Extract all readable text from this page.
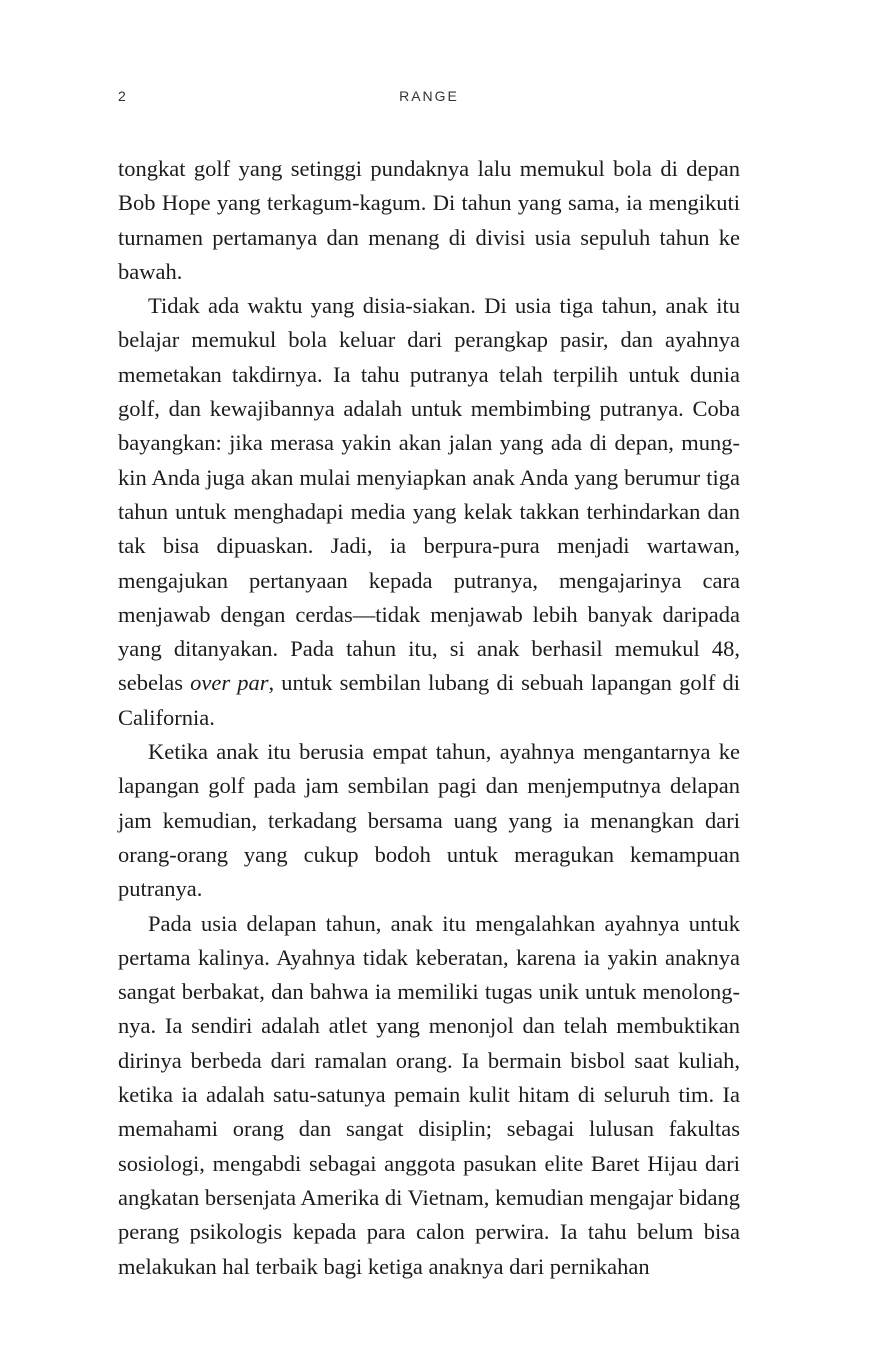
2	RANGE

tongkat golf yang setinggi pundaknya lalu memukul bola di depan Bob Hope yang terkagum-kagum. Di tahun yang sama, ia mengikuti turnamen pertamanya dan menang di divisi usia sepuluh tahun ke bawah.

Tidak ada waktu yang disia-siakan. Di usia tiga tahun, anak itu belajar memukul bola keluar dari perangkap pasir, dan ayahnya memetakan takdirnya. Ia tahu putranya telah terpilih untuk dunia golf, dan kewajibannya adalah untuk membimbing putranya. Coba bayangkan: jika merasa yakin akan jalan yang ada di depan, mungkin Anda juga akan mulai menyiapkan anak Anda yang berumur tiga tahun untuk menghadapi media yang kelak takkan terhindarkan dan tak bisa dipuaskan. Jadi, ia berpura-pura menjadi wartawan, mengajukan pertanyaan kepada putranya, mengajarinya cara menjawab dengan cerdas—tidak menjawab lebih banyak daripada yang ditanyakan. Pada tahun itu, si anak berhasil memukul 48, sebelas over par, untuk sembilan lubang di sebuah lapangan golf di California.

Ketika anak itu berusia empat tahun, ayahnya mengantarnya ke lapangan golf pada jam sembilan pagi dan menjemputnya delapan jam kemudian, terkadang bersama uang yang ia menangkan dari orang-orang yang cukup bodoh untuk meragukan kemampuan putranya.

Pada usia delapan tahun, anak itu mengalahkan ayahnya untuk pertama kalinya. Ayahnya tidak keberatan, karena ia yakin anaknya sangat berbakat, dan bahwa ia memiliki tugas unik untuk menolongnya. Ia sendiri adalah atlet yang menonjol dan telah membuktikan dirinya berbeda dari ramalan orang. Ia bermain bisbol saat kuliah, ketika ia adalah satu-satunya pemain kulit hitam di seluruh tim. Ia memahami orang dan sangat disiplin; sebagai lulusan fakultas sosiologi, mengabdi sebagai anggota pasukan elite Baret Hijau dari angkatan bersenjata Amerika di Vietnam, kemudian mengajar bidang perang psikologis kepada para calon perwira. Ia tahu belum bisa melakukan hal terbaik bagi ketiga anaknya dari pernikahan
